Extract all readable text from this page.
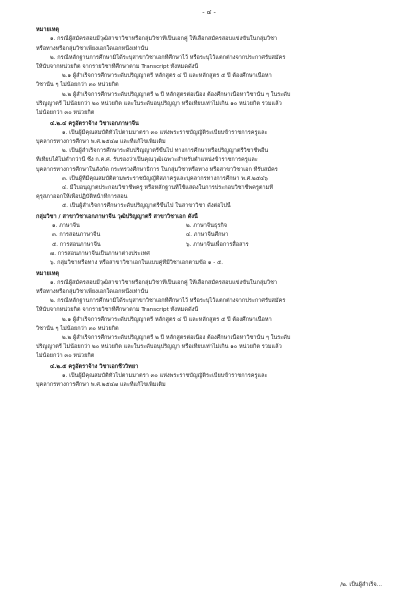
- ๔ -
หมายเหตุ
๑. กรณีผู้สมัครสอบมีวุฒิสาขาวิชาหรือกลุ่มวิชาที่เป็นเอกคู่ ให้เลือกสมัครสอบแข่งขันในกลุ่มวิชา
หรือทางหรือกลุ่มวิชาเพียงเอกใดเอกหนึ่งเท่านั้น
๒. กรณีหลักฐานการศึกษามิได้ระบุสาขาวิชาเอกที่ศึกษาไว้ หรือระบุไว้แตกต่างจากประกาศรับสมัคร
ให้นับจากหน่วยกิต จากรายวิชาที่ศึกษาตาม Transcript ทั้งหมดดังนี้
๒.๑ ผู้สำเร็จการศึกษาระดับปริญญาตรี หลักสูตร ๔ ปี และหลักสูตร ๕ ปี ต้องศึกษาเนื้อหา
วิชานั้น ๆ ไม่น้อยกว่า ๓๐ หน่วยกิต
๒.๒ ผู้สำเร็จการศึกษาระดับปริญญาตรี ๒ ปี หลักสูตรต่อเนื่อง ต้องศึกษาเนื้อหาวิชานั้น ๆ ในระดับ
ปริญญาตรี ไม่น้อยกว่า ๒๐ หน่วยกิต และในระดับอนุปริญญา หรือเทียบเท่าไม่เกิน ๑๐ หน่วยกิต รวมแล้ว
ไม่น้อยกว่า ๓๐ หน่วยกิต
๔.๒.๔ ครูอัตราจ้าง วิชาเอกภาษาจีน
๑. เป็นผู้มีคุณสมบัติทั่วไปตามมาตรา ๓๐ แห่งพระราชบัญญัติระเบียบข้าราชการครูและ
บุคลากรทางการศึกษา พ.ศ.๒๕๔๗ และที่แก้ไขเพิ่มเติม
๒. เป็นผู้สำเร็จการศึกษาระดับปริญญาตรีขึ้นไป ทางการศึกษาหรือปริญญาตรีวิชาชีพอื่น
ที่เทียบได้ไม่ต่ำกว่านี้ ซึ่ง ก.ค.ศ. รับรองว่าเป็นคุณวุฒิเฉพาะสำหรับตำแหน่งข้าราชการครูและ
บุคลากรทางการศึกษาในสังกัด กระทรวงศึกษาธิการ ในกลุ่มวิชาหรือทาง หรือสาขาวิชาเอก ที่รับสมัคร
๓. เป็นผู้ที่มีคุณสมบัติตามพระราชบัญญัติสภาครูและบุคลากรทางการศึกษา พ.ศ.๒๕๔๖
๔. มีใบอนุญาตประกอบวิชาชีพครู หรือหลักฐานที่ใช้แสดงในการประกอบวิชาชีพครูตามที่
คุรุสภาออกให้เพื่อปฏิบัติหน้าที่การสอน
๕. เป็นผู้สำเร็จการศึกษาระดับปริญญาตรีขึ้นไป ในสาขาวิชา ดังต่อไปนี้
กลุ่มวิชา / สาขาวิชาเอกภาษาจีน วุฒิปริญญาตรี สาขาวิชาเอก ดังนี้
๑. ภาษาจีน	๒. ภาษาจีนธุรกิจ
๓. การสอนภาษาจีน	๔. ภาษาจีนศึกษา
๕. การสอนภาษาจีน	๖. ภาษาจีนเพื่อการสื่อสาร
๗. การสอนภาษาจีนเป็นภาษาต่างประเทศ
๖. กลุ่มวิชาหรือทาง หรือสาขาวิชาเอกในแบบคู่ที่มีวิชาเอกตามข้อ ๑ - ๕.
หมายเหตุ
๑. กรณีผู้สมัครสอบมีวุฒิสาขาวิชาหรือกลุ่มวิชาที่เป็นเอกคู่ ให้เลือกสมัครสอบแข่งขันในกลุ่มวิชา
หรือทางหรือกลุ่มวิชาเพียงเอกใดเอกหนึ่งเท่านั้น
๒. กรณีหลักฐานการศึกษามิได้ระบุสาขาวิชาเอกที่ศึกษาไว้ หรือระบุไว้แตกต่างจากประกาศรับสมัคร
ให้นับจากหน่วยกิต จากรายวิชาที่ศึกษาตาม Transcript ทั้งหมดดังนี้
๒.๑ ผู้สำเร็จการศึกษาระดับปริญญาตรี หลักสูตร ๔ ปี และหลักสูตร ๕ ปี ต้องศึกษาเนื้อหา
วิชานั้น ๆ ไม่น้อยกว่า ๓๐ หน่วยกิต
๒.๒ ผู้สำเร็จการศึกษาระดับปริญญาตรี ๒ ปี หลักสูตรต่อเนื่อง ต้องศึกษาเนื้อหาวิชานั้น ๆ ในระดับ
ปริญญาตรี ไม่น้อยกว่า ๒๐ หน่วยกิต และในระดับอนุปริญญา หรือเทียบเท่าไม่เกิน ๑๐ หน่วยกิต รวมแล้ว
ไม่น้อยกว่า ๓๐ หน่วยกิต
๔.๒.๕ ครูอัตราจ้าง วิชาเอกชีววิทยา
๑. เป็นผู้มีคุณสมบัติทั่วไปตามมาตรา ๓๐ แห่งพระราชบัญญัติระเบียบข้าราชการครูและ
บุคลากรทางการศึกษา พ.ศ.๒๕๔๗ และที่แก้ไขเพิ่มเติม
/๒. เป็นผู้สำเร็จ...
